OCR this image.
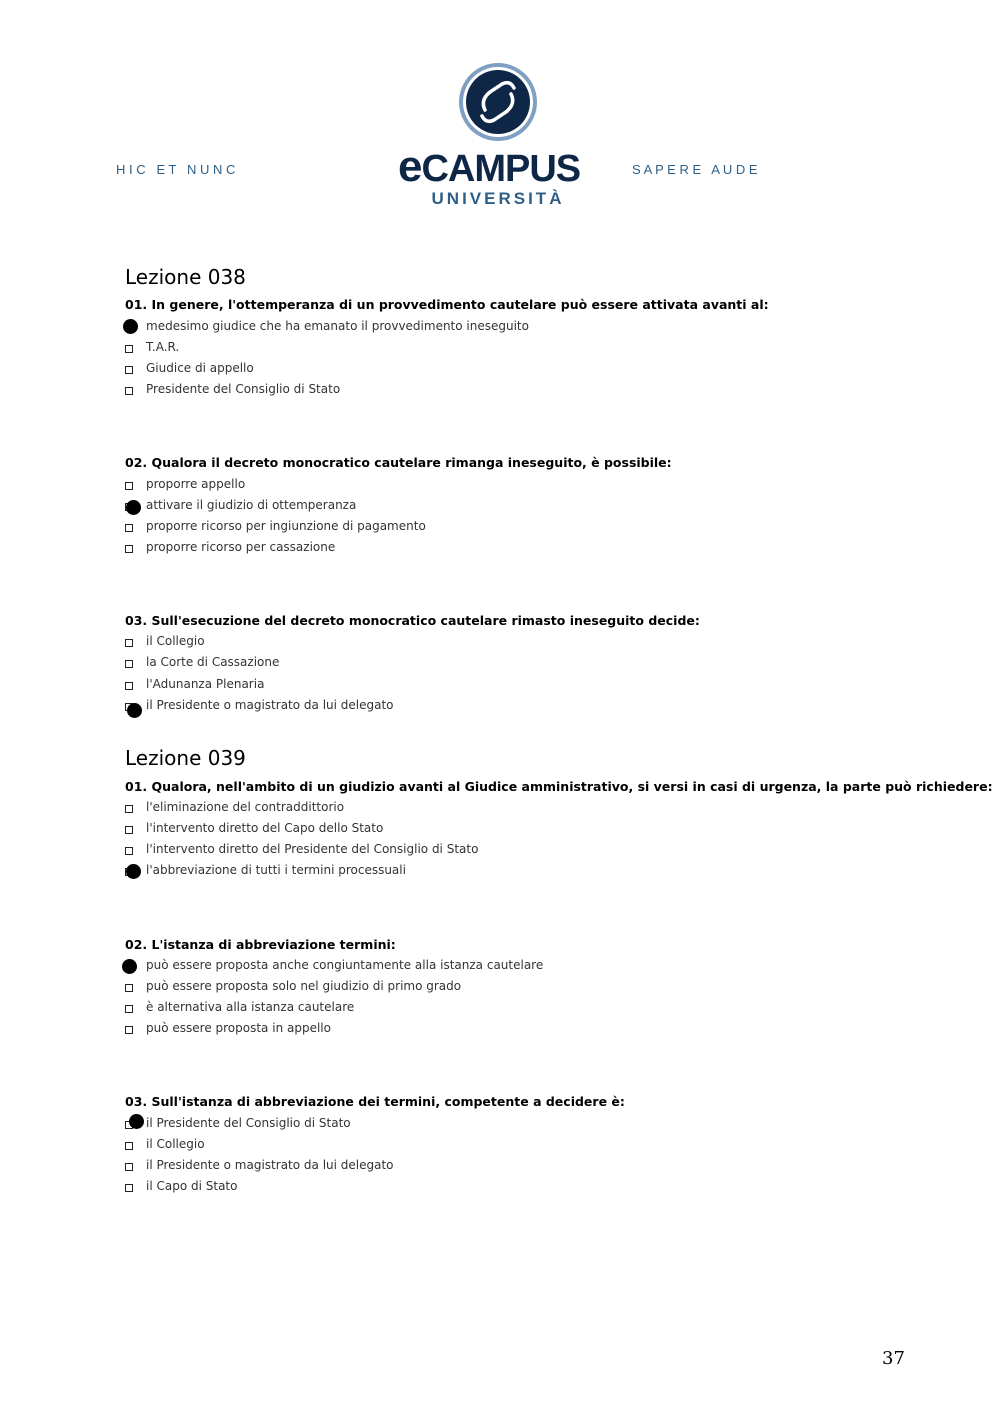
H I C   E T   N U N C	eCAMPUS
UNIVERSITÀ
S A P E R E   A U D E
Lezione 038
01. In genere, l'ottemperanza di un provvedimento cautelare può essere attivata avanti al:
medesimo giudice che ha emanato il provvedimento ineseguito
T.A.R.
Giudice di appello
Presidente del Consiglio di Stato
02. Qualora il decreto monocratico cautelare rimanga ineseguito, è possibile:
proporre appello
attivare il giudizio di ottemperanza
proporre ricorso per ingiunzione di pagamento
proporre ricorso per cassazione
03. Sull'esecuzione del decreto monocratico cautelare rimasto ineseguito decide:
il Collegio
la Corte di Cassazione
l'Adunanza Plenaria
il Presidente o magistrato da lui delegato
Lezione 039
01. Qualora, nell'ambito di un giudizio avanti al Giudice amministrativo, si versi in casi di urgenza, la parte può richiedere:
l'eliminazione del contraddittorio
l'intervento diretto del Capo dello Stato
l'intervento diretto del Presidente del Consiglio di Stato
l'abbreviazione di tutti i termini processuali
02. L'istanza di abbreviazione termini:
può essere proposta anche congiuntamente alla istanza cautelare
può essere proposta solo nel giudizio di primo grado
è alternativa alla istanza cautelare
può essere proposta in appello
03. Sull'istanza di abbreviazione dei termini, competente a decidere è:
il Presidente del Consiglio di Stato
il Collegio
il Presidente o magistrato da lui delegato
il Capo di Stato
37
